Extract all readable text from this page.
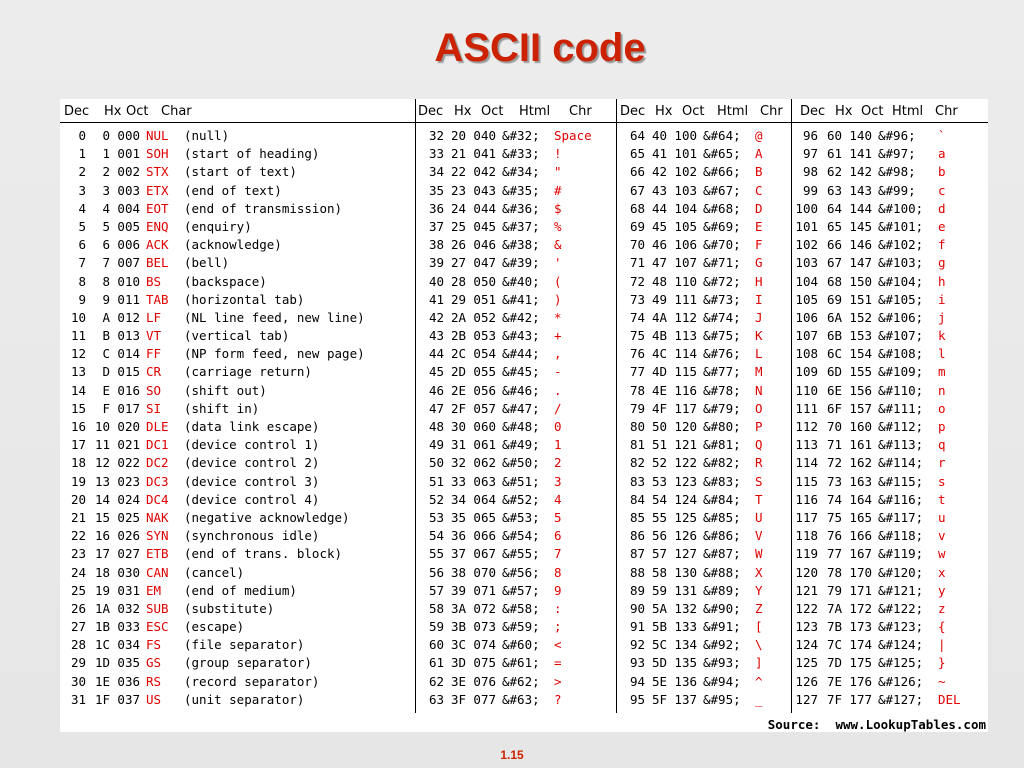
ASCII code
Dec Hx Oct Char	Dec Hx Oct Html Chr Dec Hx Oct Html Chr Dec Hx Oct Html Chr
0 0 000 NUL (null)
1 1 001 SOH (start of heading)
2 2 002 STX (start of text)
3 3 003 ETX (end of text)
4 4 004 EOT (end of transmission)
5 5 005 ENQ (enquiry)
6 6 006 ACK (acknowledge)
7 7 007 BEL (bell)
8 8 010 BS (backspace)
9 9 011 TAB (horizontal tab)
10 A 012 LF (NL line feed, new line)
11 B 013 VT (vertical tab)
12 C 014 FF (NP form feed, new page)
13 D 015 CR (carriage return)
14 E 016 SO (shift out)
15 F 017 SI (shift in)
16 10 020 DLE (data link escape)
17 11 021 DC1 (device control 1)
18 12 022 DC2 (device control 2)
19 13 023 DC3 (device control 3)
20 14 024 DC4 (device control 4)
21 15 025 NAK (negative acknowledge)
22 16 026 SYN (synchronous idle)
23 17 027 ETB (end of trans. block)
24 18 030 CAN (cancel)
25 19 031 EM (end of medium)
26 1A 032 SUB (substitute)
27 1B 033 ESC (escape)
28 1C 034 FS (file separator)
29 1D 035 GS (group separator)
30 1E 036 RS (record separator)
31 1F 037 US (unit separator)
32 20 040 &#32; Space
33 21 041 &#33; !
34 22 042 &#34; "
35 23 043 &#35; #
36 24 044 &#36; $
37 25 045 &#37; %
38 26 046 &#38; &
39 27 047 &#39; '
40 28 050 &#40; (
41 29 051 &#41; )
42 2A 052 &#42; *
43 2B 053 &#43; +
44 2C 054 &#44; ,
45 2D 055 &#45; -
46 2E 056 &#46; .
47 2F 057 &#47; /
48 30 060 &#48; 0
49 31 061 &#49; 1
50 32 062 &#50; 2
51 33 063 &#51; 3
52 34 064 &#52; 4
53 35 065 &#53; 5
54 36 066 &#54; 6
55 37 067 &#55; 7
56 38 070 &#56; 8
57 39 071 &#57; 9
58 3A 072 &#58; :
59 3B 073 &#59; ;
60 3C 074 &#60; <
61 3D 075 &#61; =
62 3E 076 &#62; >
63 3F 077 &#63; ?
64 40 100 &#64; @
65 41 101 &#65; A
66 42 102 &#66; B
67 43 103 &#67; C
68 44 104 &#68; D
69 45 105 &#69; E
70 46 106 &#70; F
71 47 107 &#71; G
72 48 110 &#72; H
73 49 111 &#73; I
74 4A 112 &#74; J
75 4B 113 &#75; K
76 4C 114 &#76; L
77 4D 115 &#77; M
78 4E 116 &#78; N
79 4F 117 &#79; O
80 50 120 &#80; P
81 51 121 &#81; Q
82 52 122 &#82; R
83 53 123 &#83; S
84 54 124 &#84; T
85 55 125 &#85; U
86 56 126 &#86; V
87 57 127 &#87; W
88 58 130 &#88; X
89 59 131 &#89; Y
90 5A 132 &#90; Z
91 5B 133 &#91; [
92 5C 134 &#92; \
93 5D 135 &#93; ]
94 5E 136 &#94; ^
95 5F 137 &#95; _
96 60 140 &#96; `
97 61 141 &#97; a
98 62 142 &#98; b
99 63 143 &#99; c
100 64 144 &#100; d
101 65 145 &#101; e
102 66 146 &#102; f
103 67 147 &#103; g
104 68 150 &#104; h
105 69 151 &#105; i
106 6A 152 &#106; j
107 6B 153 &#107; k
108 6C 154 &#108; l
109 6D 155 &#109; m
110 6E 156 &#110; n
111 6F 157 &#111; o
112 70 160 &#112; p
113 71 161 &#113; q
114 72 162 &#114; r
115 73 163 &#115; s
116 74 164 &#116; t
117 75 165 &#117; u
118 76 166 &#118; v
119 77 167 &#119; w
120 78 170 &#120; x
121 79 171 &#121; y
122 7A 172 &#122; z
123 7B 173 &#123; {
124 7C 174 &#124; |
125 7D 175 &#125; }
126 7E 176 &#126; ~
127 7F 177 &#127; DEL
Source:  www.LookupTables.com
1.15
